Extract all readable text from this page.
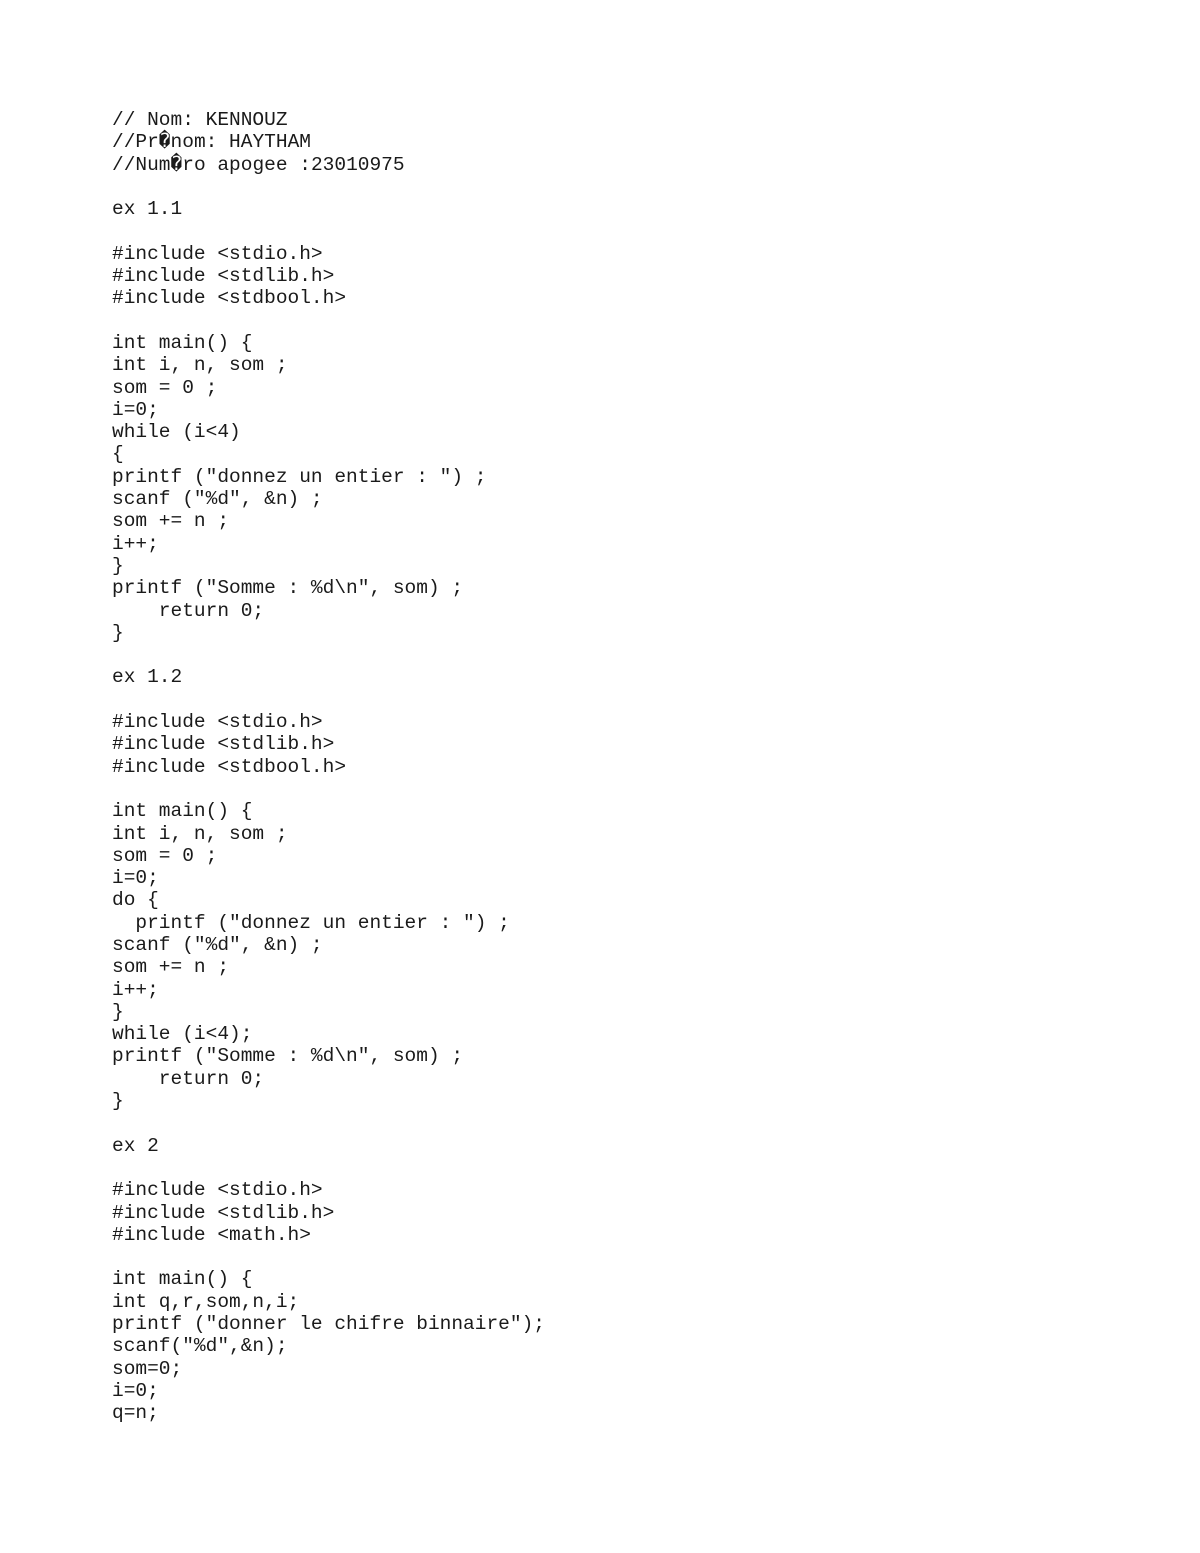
// Nom: KENNOUZ
//Pr�nom: HAYTHAM
//Num�ro apogee :23010975
ex 1.1
#include <stdio.h>
#include <stdlib.h>
#include <stdbool.h>
int main() {
int i, n, som ;
som = 0 ;
i=0;
while (i<4)
{
printf ("donnez un entier : ") ;
scanf ("%d", &n) ;
som += n ;
i++;
}
printf ("Somme : %d\n", som) ;
return 0;
}
ex 1.2
#include <stdio.h>
#include <stdlib.h>
#include <stdbool.h>
int main() {
int i, n, som ;
som = 0 ;
i=0;
do {
printf ("donnez un entier : ") ;
scanf ("%d", &n) ;
som += n ;
i++;
}
while (i<4);
printf ("Somme : %d\n", som) ;
return 0;
}
ex 2
#include <stdio.h>
#include <stdlib.h>
#include <math.h>
int main() {
int q,r,som,n,i;
printf ("donner le chifre binnaire");
scanf("%d",&n);
som=0;
i=0;
q=n;
